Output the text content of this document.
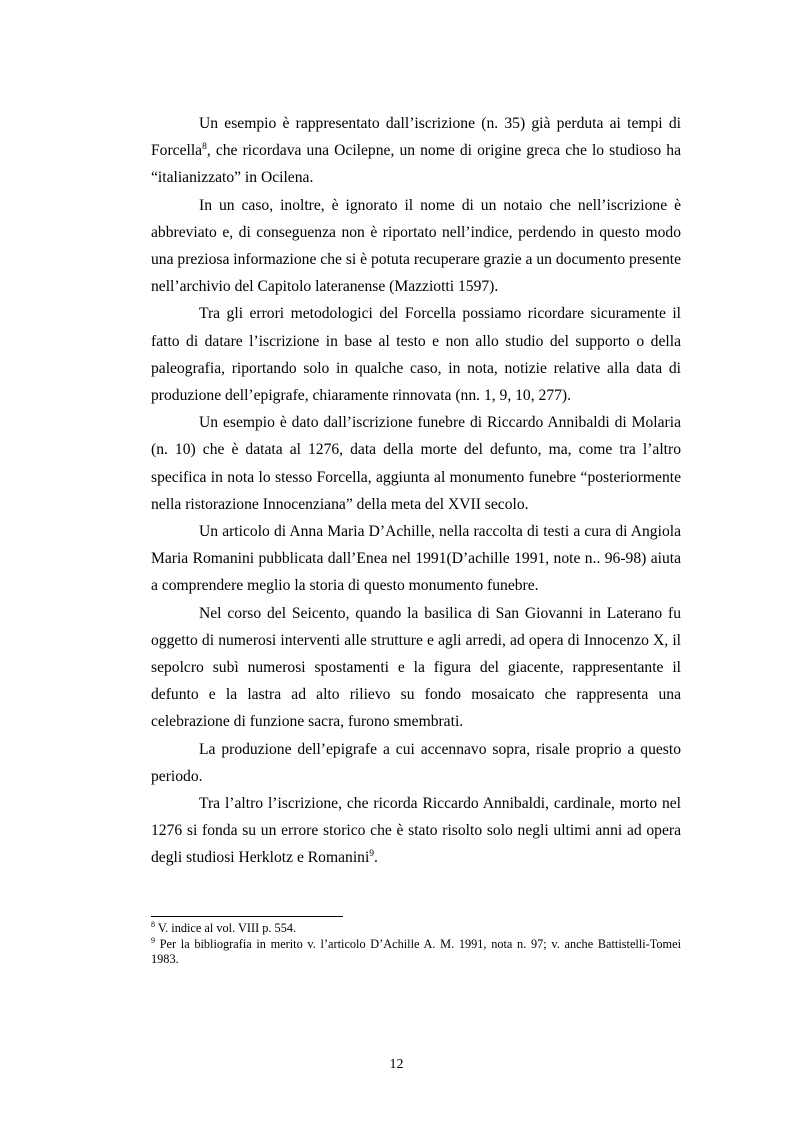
Un esempio è rappresentato dall’iscrizione (n. 35) già perduta ai tempi di Forcella$^8$, che ricordava una Ocilepne, un nome di origine greca che lo studioso ha “italianizzato” in Ocilena.

In un caso, inoltre, è ignorato il nome di un notaio che nell’iscrizione è abbreviato e, di conseguenza non è riportato nell’indice, perdendo in questo modo una preziosa informazione che si è potuta recuperare grazie a un documento presente nell’archivio del Capitolo lateranense (Mazziotti 1597).

Tra gli errori metodologici del Forcella possiamo ricordare sicuramente il fatto di datare l’iscrizione in base al testo e non allo studio del supporto o della paleografia, riportando solo in qualche caso, in nota, notizie relative alla data di produzione dell’epigrafe, chiaramente rinnovata (nn. 1, 9, 10, 277).

Un esempio è dato dall’iscrizione funebre di Riccardo Annibaldi di Molaria (n. 10) che è datata al 1276, data della morte del defunto, ma, come tra l’altro specifica in nota lo stesso Forcella, aggiunta al monumento funebre “posteriormente nella ristorazione Innocenziana” della meta del XVII secolo.

Un articolo di Anna Maria D’Achille, nella raccolta di testi a cura di Angiola Maria Romanini pubblicata dall’Enea nel 1991(D’achille 1991, note n.. 96-98) aiuta a comprendere meglio la storia di questo monumento funebre.

Nel corso del Seicento, quando la basilica di San Giovanni in Laterano fu oggetto di numerosi interventi alle strutture e agli arredi, ad opera di Innocenzo X, il sepolcro subì numerosi spostamenti e la figura del giacente, rappresentante il defunto e la lastra ad alto rilievo su fondo mosaicato che rappresenta una celebrazione di funzione sacra, furono smembrati.

La produzione dell’epigrafe a cui accennavo sopra, risale proprio a questo periodo.

Tra l’altro l’iscrizione, che ricorda Riccardo Annibaldi, cardinale, morto nel 1276 si fonda su un errore storico che è stato risolto solo negli ultimi anni ad opera degli studiosi Herklotz e Romanini$^9$.

$^8$ V. indice al vol. VIII p. 554.

$^9$ Per la bibliografia in merito v. l’articolo D’Achille A. M. 1991, nota n. 97; v. anche Battistelli-Tomei 1983.

12
